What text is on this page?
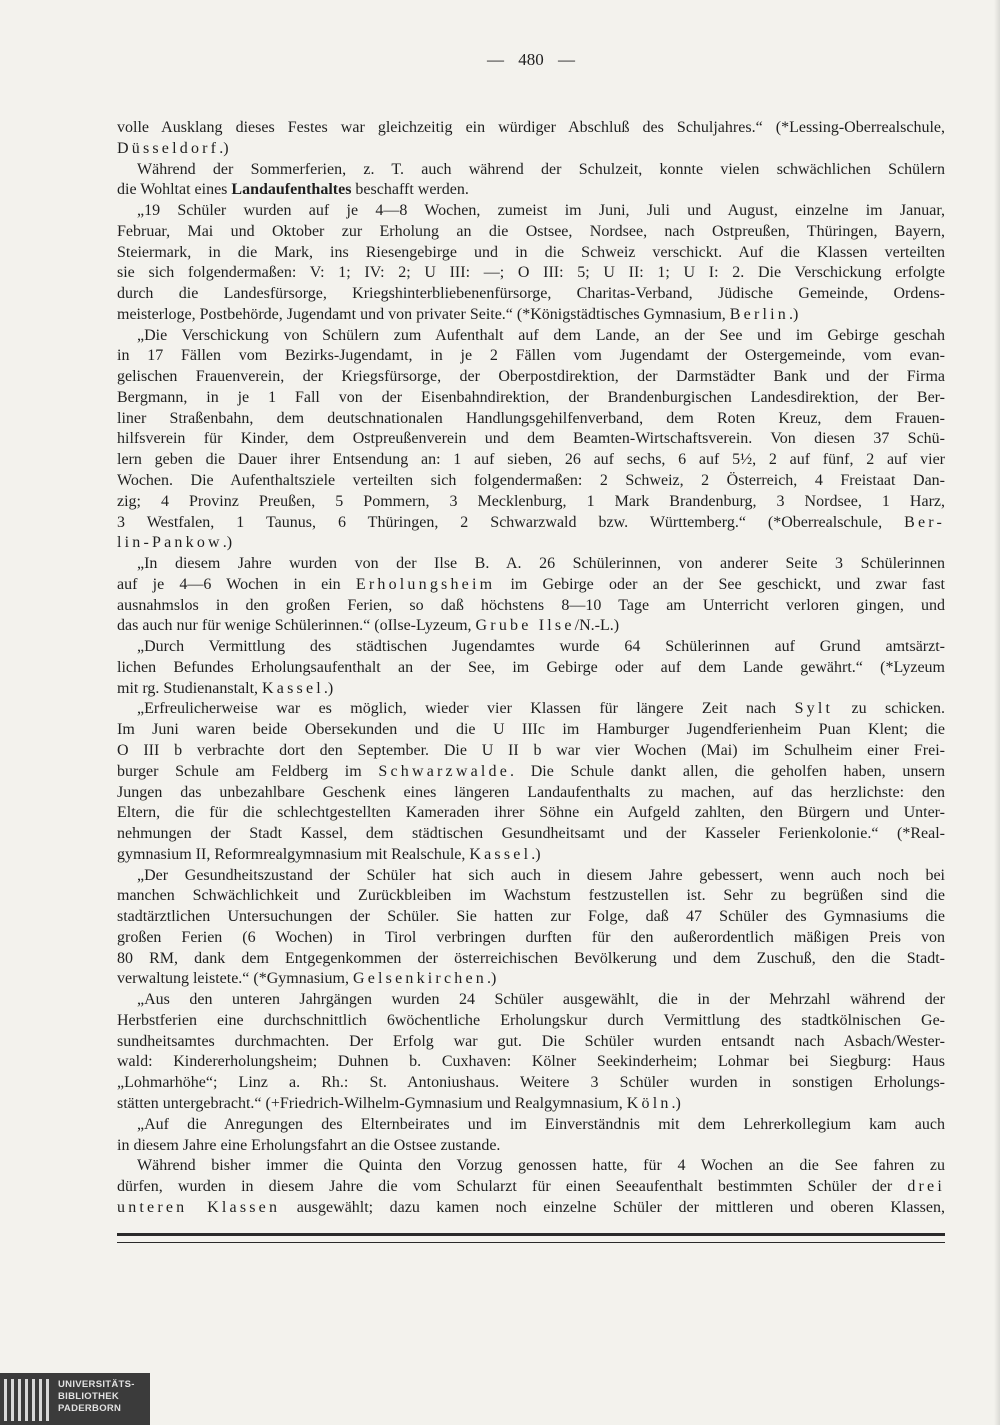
— 480 —
volle Ausklang dieses Festes war gleichzeitig ein würdiger Abschluß des Schuljahres.“ (*Lessing-Oberrealschule,
Düsseldorf.)
Während der Sommerferien, z. T. auch während der Schulzeit, konnte vielen schwächlichen Schülern
die Wohltat eines Landaufenthaltes beschafft werden.
„19 Schüler wurden auf je 4—8 Wochen, zumeist im Juni, Juli und August, einzelne im Januar,
Februar, Mai und Oktober zur Erholung an die Ostsee, Nordsee, nach Ostpreußen, Thüringen, Bayern,
Steiermark, in die Mark, ins Riesengebirge und in die Schweiz verschickt. Auf die Klassen verteilten
sie sich folgendermaßen: V: 1; IV: 2; U III: —; O III: 5; U II: 1; U I: 2. Die Verschickung erfolgte
durch die Landesfürsorge, Kriegshinterbliebenenfürsorge, Charitas-Verband, Jüdische Gemeinde, Ordens-
meisterloge, Postbehörde, Jugendamt und von privater Seite.“ (*Königstädtisches Gymnasium, Berlin.)
„Die Verschickung von Schülern zum Aufenthalt auf dem Lande, an der See und im Gebirge geschah
in 17 Fällen vom Bezirks-Jugendamt, in je 2 Fällen vom Jugendamt der Ostergemeinde, vom evan-
gelischen Frauenverein, der Kriegsfürsorge, der Oberpostdirektion, der Darmstädter Bank und der Firma
Bergmann, in je 1 Fall von der Eisenbahndirektion, der Brandenburgischen Landesdirektion, der Ber-
liner Straßenbahn, dem deutschnationalen Handlungsgehilfenverband, dem Roten Kreuz, dem Frauen-
hilfsverein für Kinder, dem Ostpreußenverein und dem Beamten-Wirtschaftsverein. Von diesen 37 Schü-
lern geben die Dauer ihrer Entsendung an: 1 auf sieben, 26 auf sechs, 6 auf 5½, 2 auf fünf, 2 auf vier
Wochen. Die Aufenthaltsziele verteilten sich folgendermaßen: 2 Schweiz, 2 Österreich, 4 Freistaat Dan-
zig; 4 Provinz Preußen, 5 Pommern, 3 Mecklenburg, 1 Mark Brandenburg, 3 Nordsee, 1 Harz,
3 Westfalen, 1 Taunus, 6 Thüringen, 2 Schwarzwald bzw. Württemberg.“ (*Oberrealschule, Ber-
lin-Pankow.)
„In diesem Jahre wurden von der Ilse B. A. 26 Schülerinnen, von anderer Seite 3 Schülerinnen
auf je 4—6 Wochen in ein Erholungsheim im Gebirge oder an der See geschickt, und zwar fast
ausnahmslos in den großen Ferien, so daß höchstens 8—10 Tage am Unterricht verloren gingen, und
das auch nur für wenige Schülerinnen.“ (oIlse-Lyzeum, Grube Ilse/N.-L.)
„Durch Vermittlung des städtischen Jugendamtes wurde 64 Schülerinnen auf Grund amtsärzt-
lichen Befundes Erholungsaufenthalt an der See, im Gebirge oder auf dem Lande gewährt.“ (*Lyzeum
mit rg. Studienanstalt, Kassel.)
„Erfreulicherweise war es möglich, wieder vier Klassen für längere Zeit nach Sylt zu schicken.
Im Juni waren beide Obersekunden und die U IIIc im Hamburger Jugendferienheim Puan Klent; die
O III b verbrachte dort den September. Die U II b war vier Wochen (Mai) im Schulheim einer Frei-
burger Schule am Feldberg im Schwarzwalde. Die Schule dankt allen, die geholfen haben, unsern
Jungen das unbezahlbare Geschenk eines längeren Landaufenthalts zu machen, auf das herzlichste: den
Eltern, die für die schlechtgestellten Kameraden ihrer Söhne ein Aufgeld zahlten, den Bürgern und Unter-
nehmungen der Stadt Kassel, dem städtischen Gesundheitsamt und der Kasseler Ferienkolonie.“ (*Real-
gymnasium II, Reformrealgymnasium mit Realschule, Kassel.)
„Der Gesundheitszustand der Schüler hat sich auch in diesem Jahre gebessert, wenn auch noch bei
manchen Schwächlichkeit und Zurückbleiben im Wachstum festzustellen ist. Sehr zu begrüßen sind die
stadtärztlichen Untersuchungen der Schüler. Sie hatten zur Folge, daß 47 Schüler des Gymnasiums die
großen Ferien (6 Wochen) in Tirol verbringen durften für den außerordentlich mäßigen Preis von
80 RM, dank dem Entgegenkommen der österreichischen Bevölkerung und dem Zuschuß, den die Stadt-
verwaltung leistete.“ (*Gymnasium, Gelsenkirchen.)
„Aus den unteren Jahrgängen wurden 24 Schüler ausgewählt, die in der Mehrzahl während der
Herbstferien eine durchschnittlich 6wöchentliche Erholungskur durch Vermittlung des stadtkölnischen Ge-
sundheitsamtes durchmachten. Der Erfolg war gut. Die Schüler wurden entsandt nach Asbach/Wester-
wald: Kindererholungsheim; Duhnen b. Cuxhaven: Kölner Seekinderheim; Lohmar bei Siegburg: Haus
„Lohmarhöhe“; Linz a. Rh.: St. Antoniushaus. Weitere 3 Schüler wurden in sonstigen Erholungs-
stätten untergebracht.“ (+Friedrich-Wilhelm-Gymnasium und Realgymnasium, Köln.)
„Auf die Anregungen des Elternbeirates und im Einverständnis mit dem Lehrerkollegium kam auch
in diesem Jahre eine Erholungsfahrt an die Ostsee zustande.
Während bisher immer die Quinta den Vorzug genossen hatte, für 4 Wochen an die See fahren zu
dürfen, wurden in diesem Jahre die vom Schularzt für einen Seeaufenthalt bestimmten Schüler der drei
unteren Klassen ausgewählt; dazu kamen noch einzelne Schüler der mittleren und oberen Klassen,
UNIVERSITÄTS-
BIBLIOTHEK
PADERBORN
